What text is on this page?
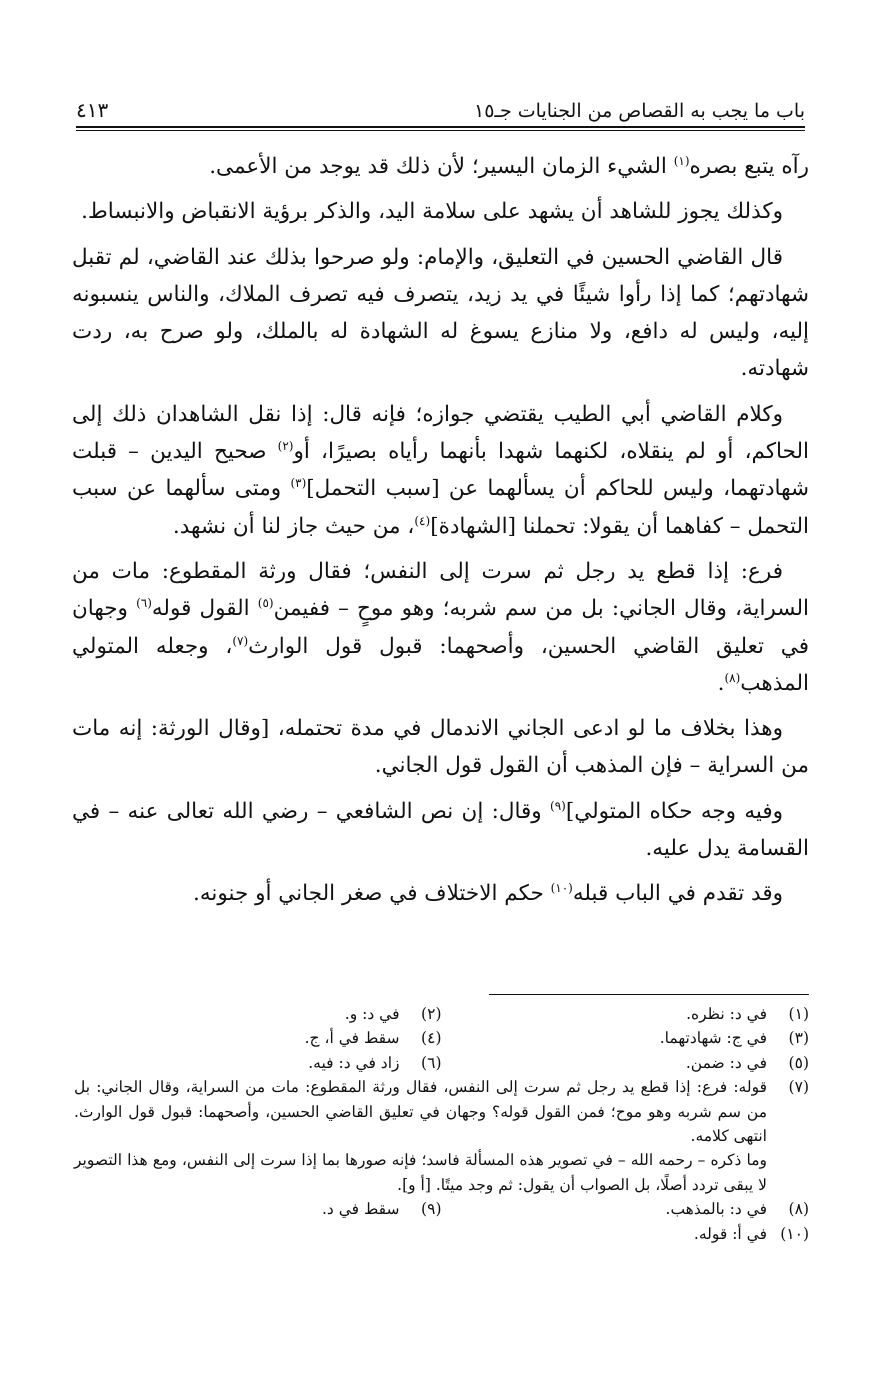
باب ما يجب به القصاص من الجنايات جـ١٥
٤١٣

رآه يتبع بصره$^{(١)}$ الشيء الزمان اليسير؛ لأن ذلك قد يوجد من الأعمى.

وكذلك يجوز للشاهد أن يشهد على سلامة اليد، والذكر برؤية الانقباض والانبساط.

قال القاضي الحسين في التعليق، والإمام: ولو صرحوا بذلك عند القاضي، لم تقبل شهادتهم؛ كما إذا رأوا شيئًا في يد زيد، يتصرف فيه تصرف الملاك، والناس ينسبونه إليه، وليس له دافع، ولا منازع يسوغ له الشهادة له بالملك، ولو صرح به، ردت شهادته.

وكلام القاضي أبي الطيب يقتضي جوازه؛ فإنه قال: إذا نقل الشاهدان ذلك إلى الحاكم، أو لم ينقلاه، لكنهما شهدا بأنهما رأياه بصيرًا، أو$^{(٢)}$ صحيح اليدين – قبلت شهادتهما، وليس للحاكم أن يسألهما عن [سبب التحمل]$^{(٣)}$ ومتى سألهما عن سبب التحمل – كفاهما أن يقولا: تحملنا [الشهادة]$^{(٤)}$، من حيث جاز لنا أن نشهد.

فرع: إذا قطع يد رجل ثم سرت إلى النفس؛ فقال ورثة المقطوع: مات من السراية، وقال الجاني: بل من سم شربه؛ وهو موحٍ – ففيمن$^{(٥)}$ القول قوله$^{(٦)}$ وجهان في تعليق القاضي الحسين، وأصحهما: قبول قول الوارث$^{(٧)}$، وجعله المتولي المذهب$^{(٨)}$.

وهذا بخلاف ما لو ادعى الجاني الاندمال في مدة تحتمله، [وقال الورثة: إنه مات من السراية – فإن المذهب أن القول قول الجاني.

وفيه وجه حكاه المتولي]$^{(٩)}$ وقال: إن نص الشافعي – رضي الله تعالى عنه – في القسامة يدل عليه.

وقد تقدم في الباب قبله$^{(١٠)}$ حكم الاختلاف في صغر الجاني أو جنونه.

(١)
في د: نظره.
(٢)
في د: و.
(٣)
في ج: شهادتهما.
(٤)
سقط في أ، ج.
(٥)
في د: ضمن.
(٦)
زاد في د: فيه.
(٧)
قوله: فرع: إذا قطع يد رجل ثم سرت إلى النفس، فقال ورثة المقطوع: مات من السراية، وقال الجاني: بل من سم شربه وهو موح؛ فمن القول قوله؟ وجهان في تعليق القاضي الحسين، وأصحهما: قبول قول الوارث. انتهى كلامه.
وما ذكره – رحمه الله – في تصوير هذه المسألة فاسد؛ فإنه صورها بما إذا سرت إلى النفس، ومع هذا التصوير لا يبقى تردد أصلًا، بل الصواب أن يقول: ثم وجد ميتًا. [أ و].
(٨)
في د: بالمذهب.
(٩)
سقط في د.
(١٠)
في أ: قوله.
